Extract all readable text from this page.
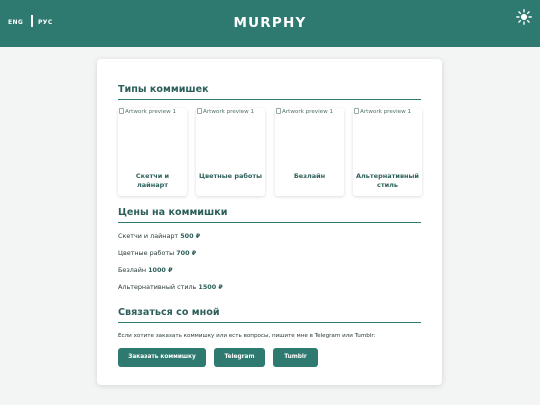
ENG РУС	MURPHY
Типы коммишек
Artwork preview 1
Скетчи и лайнарт
Artwork preview 1
Цветные работы
Artwork preview 1
Безлайн
Artwork preview 1
Альтернативный стиль
Цены на коммишки
Скетчи и лайнарт 500 ₽
Цветные работы 700 ₽
Безлайн 1000 ₽
Альтернативный стиль 1500 ₽
Связаться со мной

Если хотите заказать коммишку или есть вопросы, пишите мне в Telegram или Tumblr:

Заказать коммишку	Telegram	Tumblr
